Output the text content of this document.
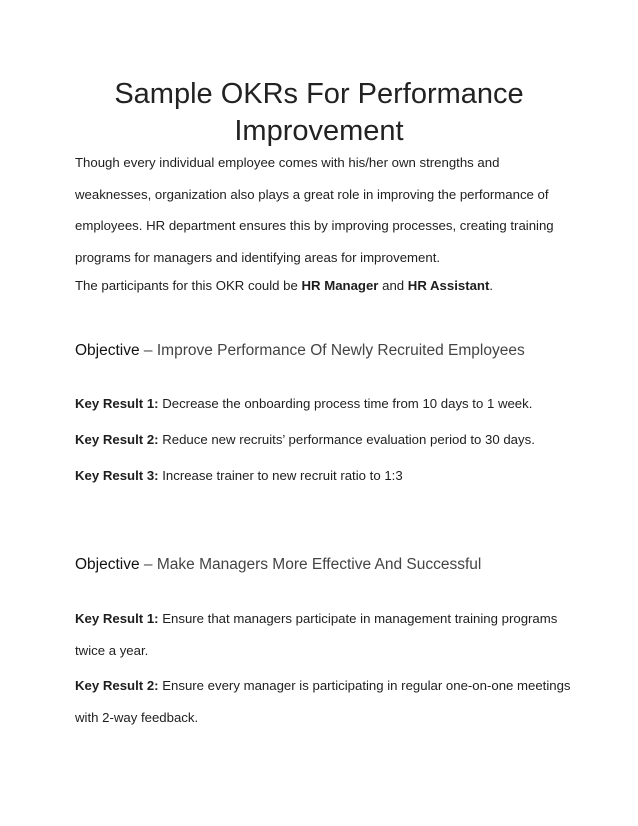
Sample OKRs For Performance
Improvement

Though every individual employee comes with his/her own strengths and
weaknesses, organization also plays a great role in improving the performance of
employees. HR department ensures this by improving processes, creating training
programs for managers and identifying areas for improvement.

The participants for this OKR could be HR Manager and HR Assistant.

Objective – Improve Performance Of Newly Recruited Employees
Key Result 1: Decrease the onboarding process time from 10 days to 1 week.
Key Result 2: Reduce new recruits’ performance evaluation period to 30 days.
Key Result 3: Increase trainer to new recruit ratio to 1:3
Objective – Make Managers More Effective And Successful
Key Result 1: Ensure that managers participate in management training programs
twice a year.
Key Result 2: Ensure every manager is participating in regular one-on-one meetings
with 2-way feedback.
